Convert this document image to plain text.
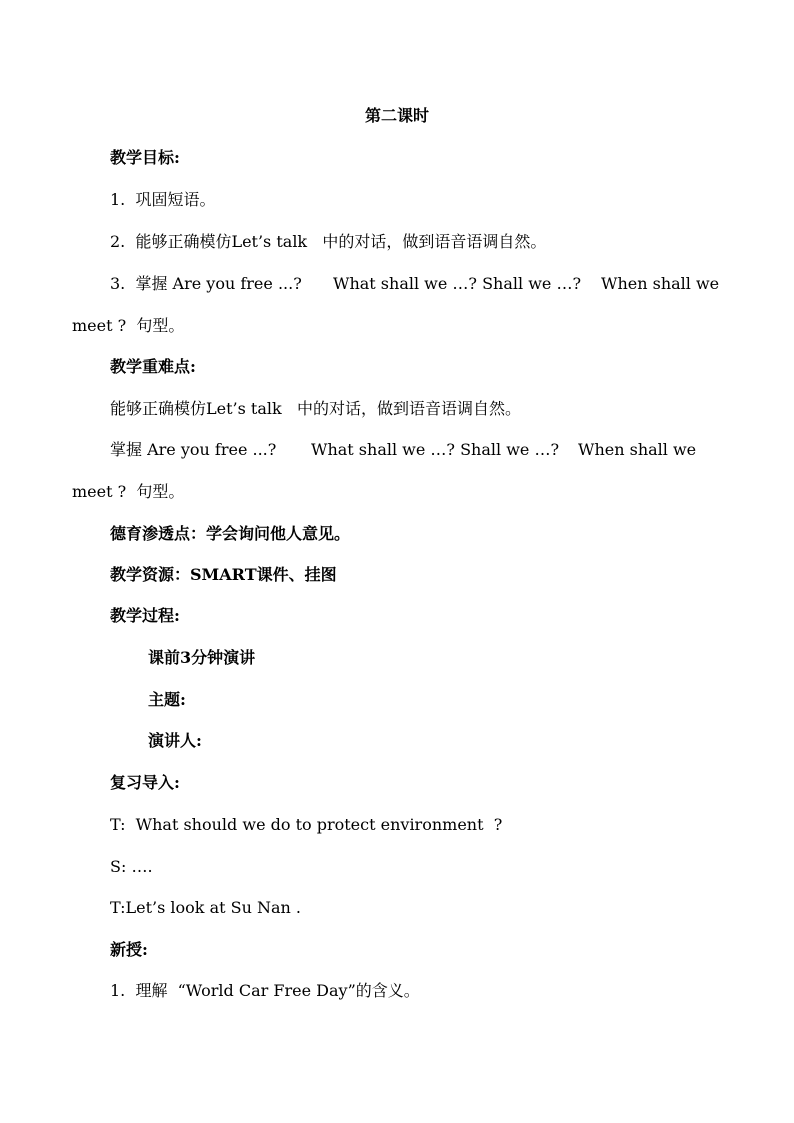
第二课时
教学目标:
1.  巩固短语。
2.  能够正确模仿Let’s talk   中的对话，做到语音语调自然。

3.  掌握 Are you free ...?

What shall we …? Shall we …?

When shall we

meet ?  句型。
教学重难点:
能够正确模仿Let’s talk   中的对话，做到语音语调自然。

掌握 Are you free ...?

What shall we …? Shall we …?

When shall we

meet ?  句型。
德育渗透点：学会询问他人意见。
教学资源：SMART课件、挂图
教学过程:
课前3分钟演讲
主题:
演讲人:
复习导入:
T:  What should we do to protect environment  ?
S: ….
T:Let’s look at Su Nan .
新授:
1.  理解  “World Car Free Day”的含义。
